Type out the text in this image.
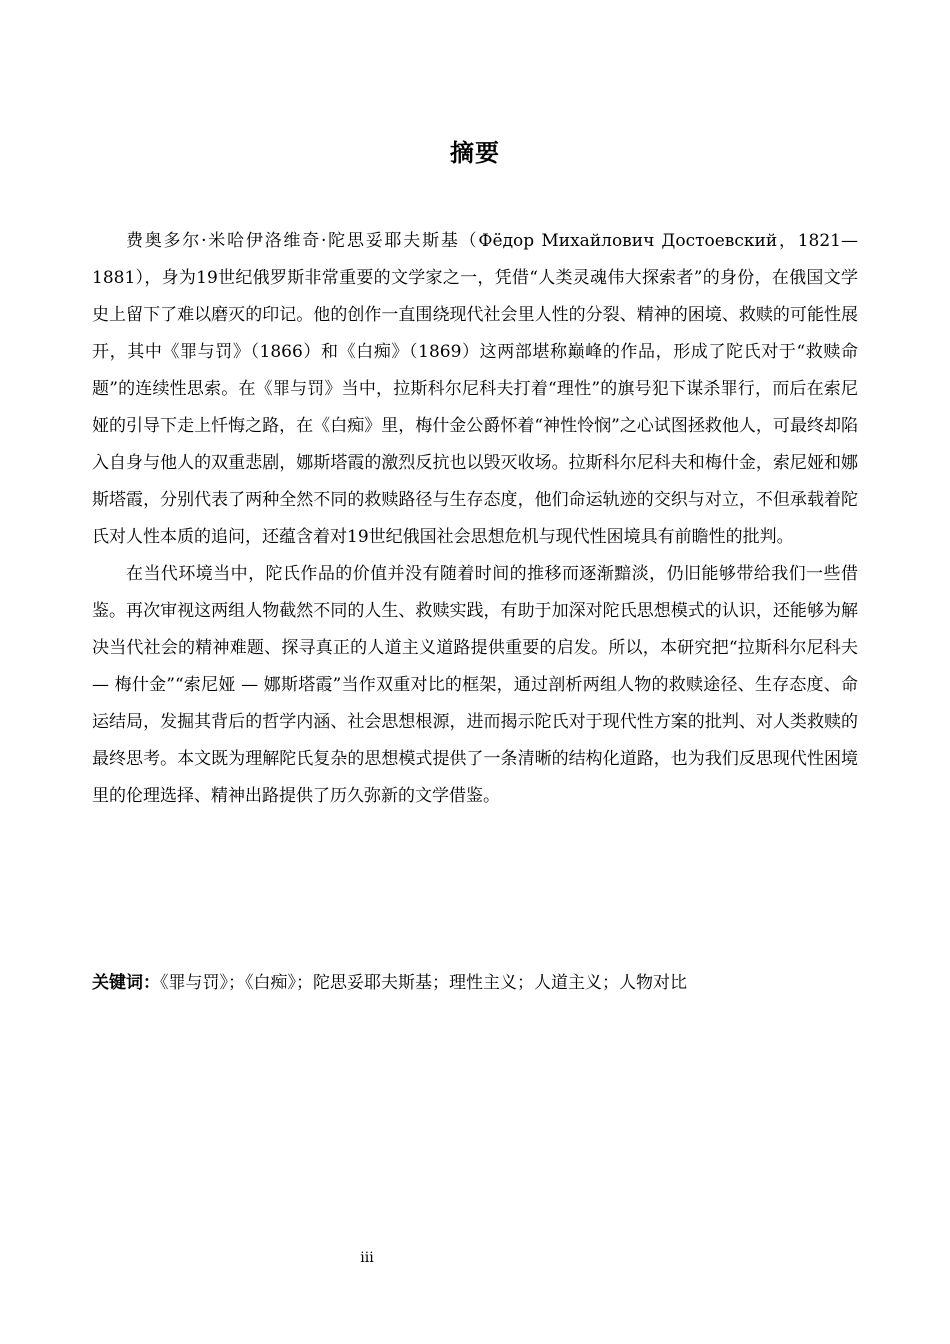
摘要

费奥多尔·米哈伊洛维奇·陀思妥耶夫斯基（Фёдор Михайлович Достоевский，1821—1881），身为19世纪俄罗斯非常重要的文学家之一，凭借“人类灵魂伟大探索者”的身份，在俄国文学史上留下了难以磨灭的印记。他的创作一直围绕现代社会里人性的分裂、精神的困境、救赎的可能性展开，其中《罪与罚》（1866）和《白痴》（1869）这两部堪称巅峰的作品，形成了陀氏对于“救赎命题”的连续性思索。在《罪与罚》当中，拉斯科尔尼科夫打着“理性”的旗号犯下谋杀罪行，而后在索尼娅的引导下走上忏悔之路，在《白痴》里，梅什金公爵怀着“神性怜悯”之心试图拯救他人，可最终却陷入自身与他人的双重悲剧，娜斯塔霞的激烈反抗也以毁灭收场。拉斯科尔尼科夫和梅什金，索尼娅和娜斯塔霞，分别代表了两种全然不同的救赎路径与生存态度，他们命运轨迹的交织与对立，不但承载着陀氏对人性本质的追问，还蕴含着对19世纪俄国社会思想危机与现代性困境具有前瞻性的批判。

在当代环境当中，陀氏作品的价值并没有随着时间的推移而逐渐黯淡，仍旧能够带给我们一些借鉴。再次审视这两组人物截然不同的人生、救赎实践，有助于加深对陀氏思想模式的认识，还能够为解决当代社会的精神难题、探寻真正的人道主义道路提供重要的启发。所以，本研究把“拉斯科尔尼科夫 — 梅什金”“索尼娅 — 娜斯塔霞”当作双重对比的框架，通过剖析两组人物的救赎途径、生存态度、命运结局，发掘其背后的哲学内涵、社会思想根源，进而揭示陀氏对于现代性方案的批判、对人类救赎的最终思考。本文既为理解陀氏复杂的思想模式提供了一条清晰的结构化道路，也为我们反思现代性困境里的伦理选择、精神出路提供了历久弥新的文学借鉴。

关键词：《罪与罚》；《白痴》；陀思妥耶夫斯基；理性主义；人道主义；人物对比
iii
